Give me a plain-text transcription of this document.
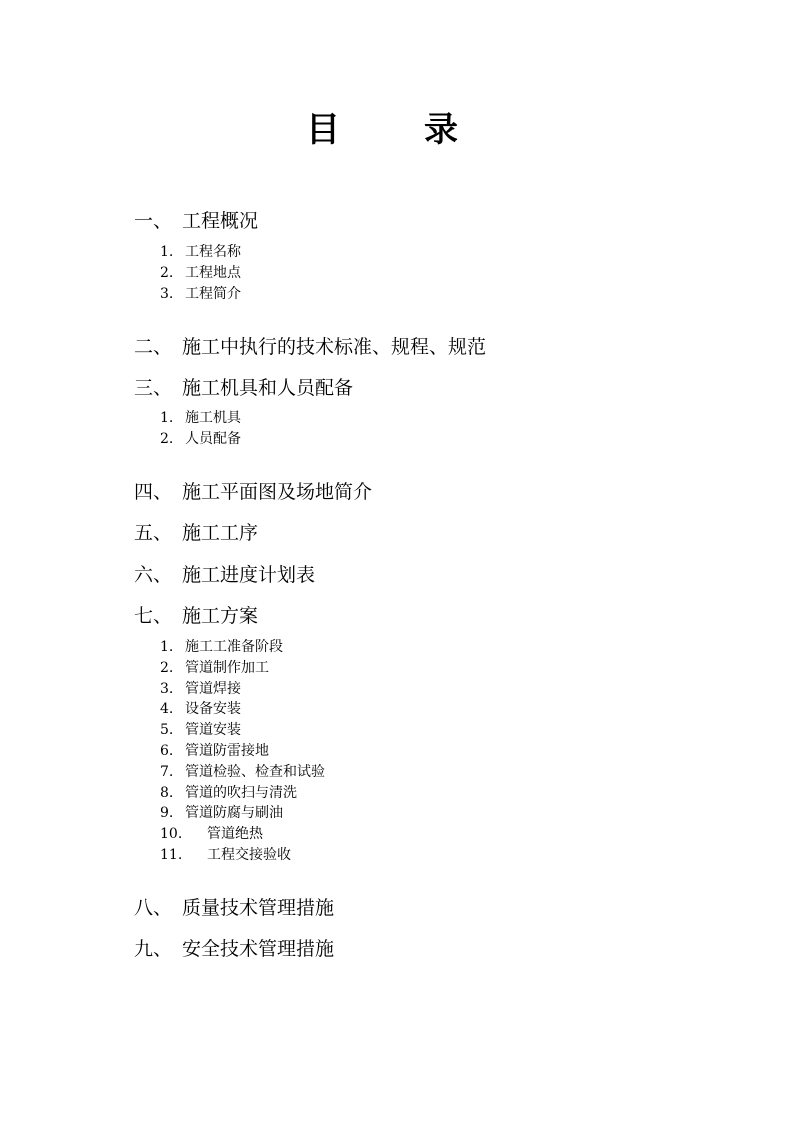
目 录
一、 工程概况
1. 工程名称
2. 工程地点
3. 工程简介
二、 施工中执行的技术标准、规程、规范
三、 施工机具和人员配备
1. 施工机具
2. 人员配备
四、 施工平面图及场地简介
五、 施工工序
六、 施工进度计划表
七、 施工方案
1. 施工工准备阶段
2. 管道制作加工
3. 管道焊接
4. 设备安装
5. 管道安装
6. 管道防雷接地
7. 管道检验、检查和试验
8. 管道的吹扫与清洗
9. 管道防腐与刷油
10. 管道绝热
11. 工程交接验收
八、 质量技术管理措施
九、 安全技术管理措施
